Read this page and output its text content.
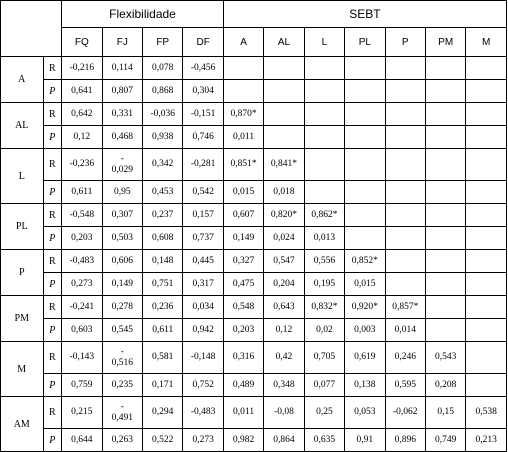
		Flexibilidade				SEBT						
		FQ	FJ	FP	DF	A	AL	L	PL	P	PM	M
A	R	-0,216	0,114	0,078	-0,456							
	P	0,641	0,807	0,868	0,304							
AL	R	0,642	0,331	-0,036	-0,151	0,870*						
	P	0,12	0,468	0,938	0,746	0,011						
L	R	-0,236	-
0,029	0,342	-0,281	0,851*	0,841*					
	P	0,611	0,95	0,453	0,542	0,015	0,018					
PL	R	-0,548	0,307	0,237	0,157	0,607	0,820*	0,862*				
	P	0,203	0,503	0,608	0,737	0,149	0,024	0,013				
P	R	-0,483	0,606	0,148	0,445	0,327	0,547	0,556	0,852*			
	P	0,273	0,149	0,751	0,317	0,475	0,204	0,195	0,015			
PM	R	-0,241	0,278	0,236	0,034	0,548	0,643	0,832*	0,920*	0,857*		
	P	0,603	0,545	0,611	0,942	0,203	0,12	0,02	0,003	0,014		
M	R	-0,143	-
0,516	0,581	-0,148	0,316	0,42	0,705	0,619	0,246	0,543	
	P	0,759	0,235	0,171	0,752	0,489	0,348	0,077	0,138	0,595	0,208	
AM	R	0,215	-
0,491	0,294	-0,483	0,011	-0,08	0,25	0,053	-0,062	0,15	0,538
	P	0,644	0,263	0,522	0,273	0,982	0,864	0,635	0,91	0,896	0,749	0,213
